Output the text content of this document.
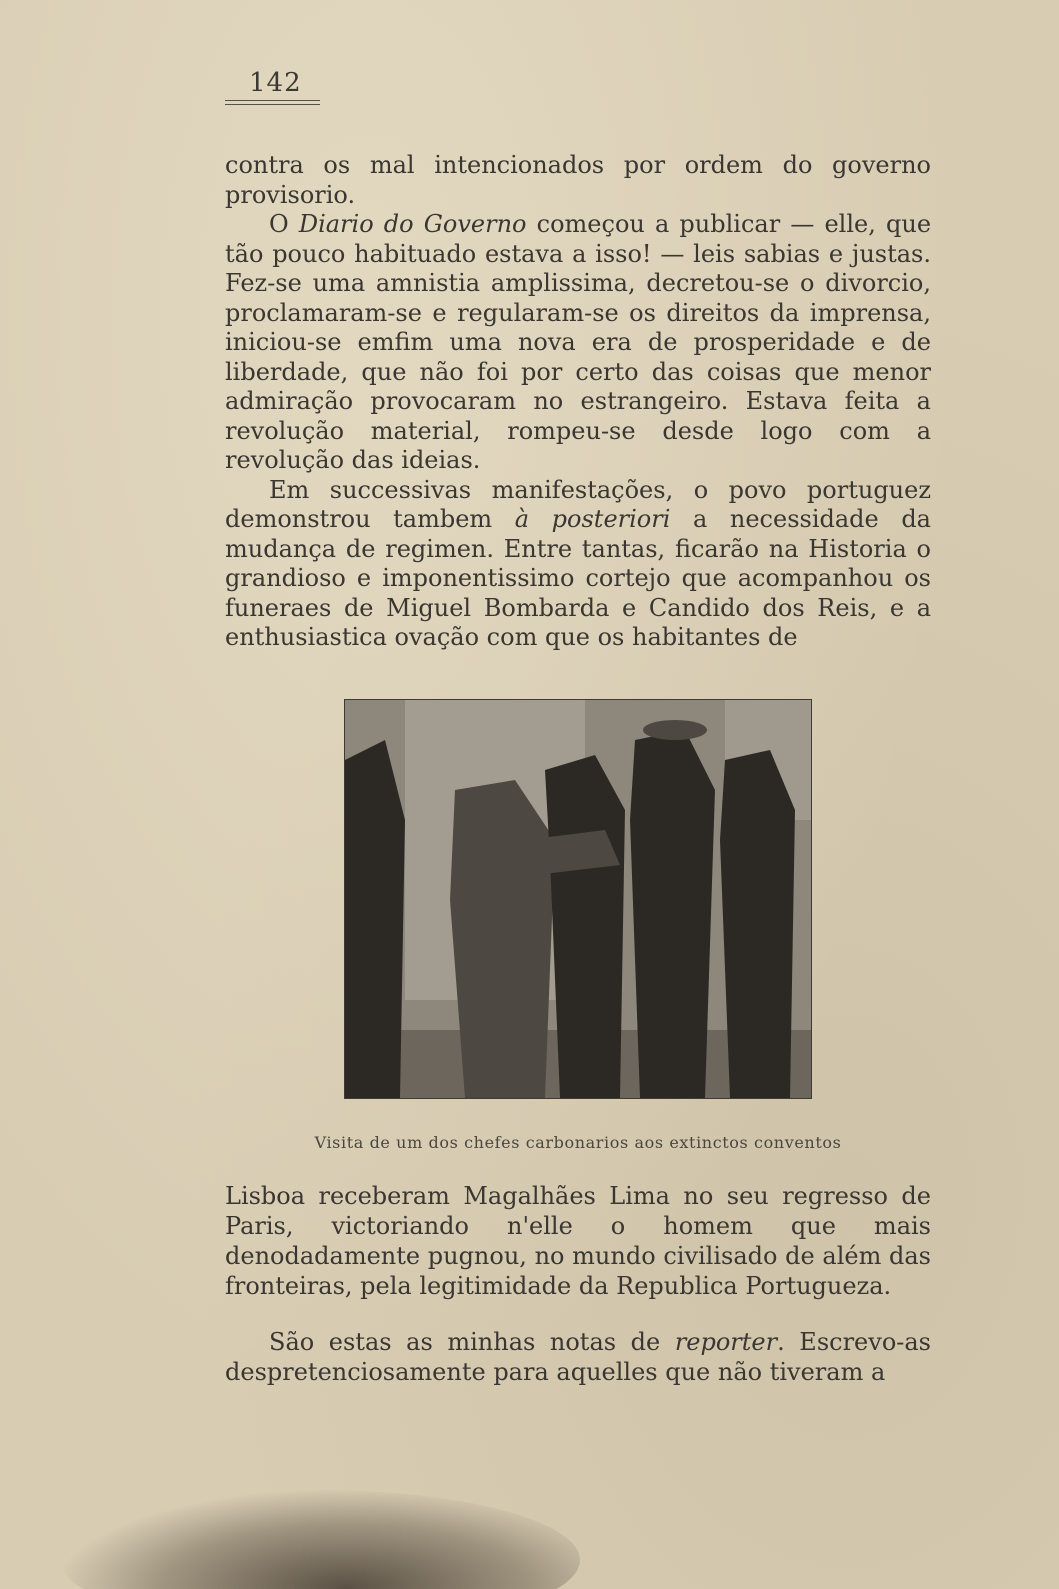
142

contra os mal intencionados por ordem do governo provisorio.

O Diario do Governo começou a publicar — elle, que tão pouco habituado estava a isso! — leis sabias e justas. Fez-se uma amnistia amplissima, decretou-se o divorcio, proclamaram-se e regularam-se os direitos da imprensa, iniciou-se emfim uma nova era de prosperidade e de liberdade, que não foi por certo das coisas que menor admiração provocaram no estrangeiro. Estava feita a revolução material, rompeu-se desde logo com a revolução das ideias.

Em successivas manifestações, o povo portuguez demonstrou tambem à posteriori a necessidade da mudança de regimen. Entre tantas, ficarão na Historia o grandioso e imponentissimo cortejo que acompanhou os funeraes de Miguel Bombarda e Candido dos Reis, e a enthusiastica ovação com que os habitantes de

Visita de um dos chefes carbonarios aos extinctos conventos

Lisboa receberam Magalhães Lima no seu regresso de Paris, victoriando n'elle o homem que mais denodadamente pugnou, no mundo civilisado de além das fronteiras, pela legitimidade da Republica Portugueza.

São estas as minhas notas de reporter. Escrevo-as despretenciosamente para aquelles que não tiveram a
